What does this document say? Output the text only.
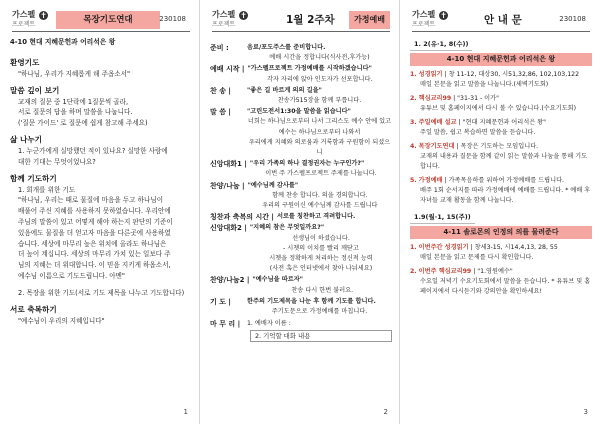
가스펠
프로젝트
✝	목장기도연대	230108
4-10 현대 지혜문헌과 어리석은 왕
환영기도
"하나님, 우리가 지혜롭게 해 주옵소서"
말씀 깊이 보기
교재의 질문 중 1단락에 1질문씩 골라,
서로 질문의 답을 하며 말씀을 나눕니다.
('질문 가이드' 로 질문에 쉽게 참고해 주세요)
삶 나누기
1. 누군가에게 실망했던 적이 있나요? 실망한 사람에
대한 기대는 무엇이었나요?
함께 기도하기
1. 회개를 위한 기도
"하나님, 우리는 때로 물질에 마음을 두고 하나님이
배풀어 주신 지혜를 사용하지 못하였습니다. 우리안에
주님의 말씀이 있고 어떻게 해야 하는지 판단의 기준이
있음에도 물질을 더 얻고자 마음을 다른곳에 사용하였
습니다. 세상에 마무리 높은 위치에 올라도 하나님은
더 높이 계십니다. 세상의 마무리 가치 있는 일보다 주
님의 지혜는 더 위대합니다. 이 믿음 지키게 하옵소서,
예수님 이름으로 기도드립니다. 아멘"
2. 목장을 위한 기도(서로 기도 제목을 나누고 기도합니다)
서로 축복하기
"예수님이 우리의 지혜입니다"
1
가스펠
프로젝트
✝	1월 2주차	가정예배
준비 :	음료/포도주스를 준비합니다.
예배 시간을 정합니다(식사전,후가능)
예배 시작 | "가스펠프로젝트 가정예배를 시작하겠습니다"
각자 자리에 앉아 인도자가 선포합니다.
찬 송 |	"좋은 길 바르게 의의 길을"
찬송가515장을 함께 부릅니다.
말 씀 |	"고린도전서1:30을 말씀을 읽습니다"
너희는 하나님으로부터 나서 그리스도 예수 안에 있고
예수는 하나님으로부터 나와서
우리에게 지혜와 의로움과 거룩함과 구원함이 되셨으니
신앙대화1 | "우리 가족의 하나 결정권자는 누구인가?"
이번 주 가스펠프로젝트 주제를 나눕니다.
찬양/나눔 | "예수님께 감사를"
함께 찬송 합니다. 의을 경의합니다.
우리의 구원이신 예수님께 감사를 드립니다
칭찬과 축복의 시간 | 서로를 칭찬하고 격려합니다.
신앙대화2 | "지혜의 참은 무엇일까요?"
선생님이 하셨습니다.
- 시쳇의 이치를 빨리 깨닫고
시쳇을 정확하게 처리하는 정신적 능력
(사전 혹은 인터넷에서 찾아 나눠세요)
찬양/나눔2 | "예수님을 따르자"
찬송 다시 한번 불러요.
기 도 |	한주의 기도제목을 나눈 후 함께 기도를 합니다.
주기도문으로 가정예배를 마칩니다.
마 무 리 |	1. 예배자 이름 :
2. 기억할 대화 내용
2
가스펠
프로젝트
✝	안 내 문	230108
1. 2(유·1, 8(수))
4-10 현대 지혜문헌과 어리석은 왕
1. 성경읽기 | 창 11-12, 대상30, 시51,32,86, 102,103,122
매일 본문을 읽고 말씀을 나눕니다.(세벽기도회)
2. 핵심교리99 | "31-31 - 이가"
유튜브 및 홈페이지에서 다시 볼 수 있습니다.(수요기도회)
3. 주일예배 설교 | "현대 지혜문헌과 어리석은 왕"
주일 말씀, 쉽고 복습하면 말씀을 듣습니다.
4. 목장기도연대 | 목장은 기도하는 모임입니다.
교재의 내용과 질문을 함께 같이 읽는 말씀과 나눔을 통해 기도합니다.
5. 가정예배 | 가족목음하를 위하여 가정예배를 드립니다.
배주 1회 순서지를 따라 가정예배에 예배를 드립니다. * 예배 후 자녀들 교재 활동을 함께 나눕니다.
1.9(월·1, 15(주))
4-11 솔로몬의 인정의 의를 물려준다
1. 이번주간 성경읽기 | 창세3-15, 시14,4,13, 28, 55
매일 본문을 읽고 문제를 다시 확인합니다.
2. 이번주 핵심교리99 | "1.영원예수"
수요일 저녁기 수요기도회에서 말씀을 듣습니다. * 유튜브 및 홈페이지에서 다시듣기와 강의안을 확인하세요!
3
